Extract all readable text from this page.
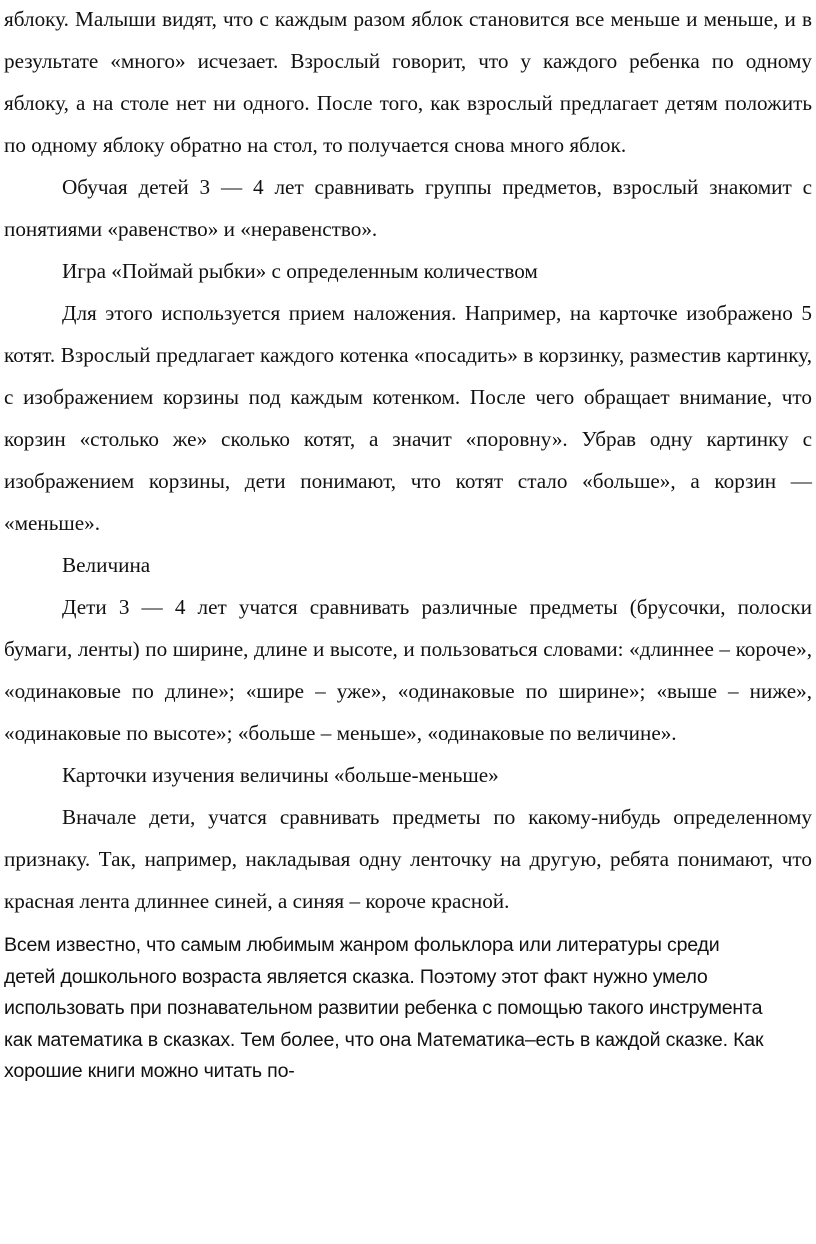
яблоку. Малыши видят, что с каждым разом яблок становится все меньше и меньше, и в результате «много» исчезает. Взрослый говорит, что у каждого ребенка по одному яблоку, а на столе нет ни одного. После того, как взрослый предлагает детям положить по одному яблоку обратно на стол, то получается снова много яблок.

Обучая детей 3 — 4 лет сравнивать группы предметов, взрослый знакомит с понятиями «равенство» и «неравенство».

Игра «Поймай рыбки» с определенным количеством

Для этого используется прием наложения. Например, на карточке изображено 5 котят. Взрослый предлагает каждого котенка «посадить» в корзинку, разместив картинку, с изображением корзины под каждым котенком. После чего обращает внимание, что корзин «столько же» сколько котят, а значит «поровну». Убрав одну картинку с изображением корзины, дети понимают, что котят стало «больше», а корзин — «меньше».

Величина

Дети 3 — 4 лет учатся сравнивать различные предметы (брусочки, полоски бумаги, ленты) по ширине, длине и высоте, и пользоваться словами: «длиннее – короче», «одинаковые по длине»; «шире – уже», «одинаковые по ширине»; «выше – ниже», «одинаковые по высоте»; «больше – меньше», «одинаковые по величине».

Карточки изучения величины «больше-меньше»

Вначале дети, учатся сравнивать предметы по какому-нибудь определенному признаку. Так, например, накладывая одну ленточку на другую, ребята понимают, что красная лента длиннее синей, а синяя – короче красной.

Всем известно, что самым любимым жанром фольклора или литературы среди детей дошкольного возраста является сказка. Поэтому этот факт нужно умело использовать при познавательном развитии ребенка с помощью такого инструмента как математика в сказках. Тем более, что она Математика–есть в каждой сказке. Как хорошие книги можно читать по-
